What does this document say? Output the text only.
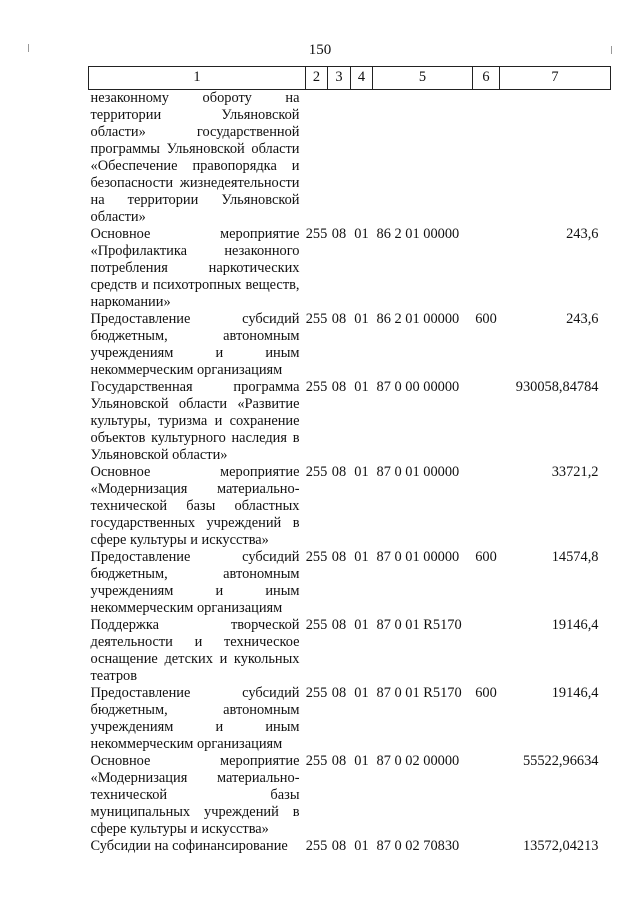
150
1	2	3	4	5	6	7
незаконному обороту на территории Ульяновской области» государственной программы Ульяновской области «Обеспечение правопорядка и безопасности жизнедеятельности на территории Ульяновской области»						
Основное мероприятие «Профилактика незаконного потребления наркотических средств и психотропных веществ, наркомании»	255	08	01	86 2 01 00000		243,6
Предоставление субсидий бюджетным, автономным учреждениям и иным некоммерческим организациям	255	08	01	86 2 01 00000	600	243,6
Государственная программа Ульяновской области «Развитие культуры, туризма и сохранение объектов культурного наследия в Ульяновской области»	255	08	01	87 0 00 00000		930058,84784
Основное мероприятие «Модернизация материально-технической базы областных государственных учреждений в сфере культуры и искусства»	255	08	01	87 0 01 00000		33721,2
Предоставление субсидий бюджетным, автономным учреждениям и иным некоммерческим организациям	255	08	01	87 0 01 00000	600	14574,8
Поддержка творческой деятельности и техническое оснащение детских и кукольных театров	255	08	01	87 0 01 R5170		19146,4
Предоставление субсидий бюджетным, автономным учреждениям и иным некоммерческим организациям	255	08	01	87 0 01 R5170	600	19146,4
Основное мероприятие «Модернизация материально-технической базы муниципальных учреждений в сфере культуры и искусства»	255	08	01	87 0 02 00000		55522,96634
Субсидии на софинансирование	255	08	01	87 0 02 70830		13572,04213
